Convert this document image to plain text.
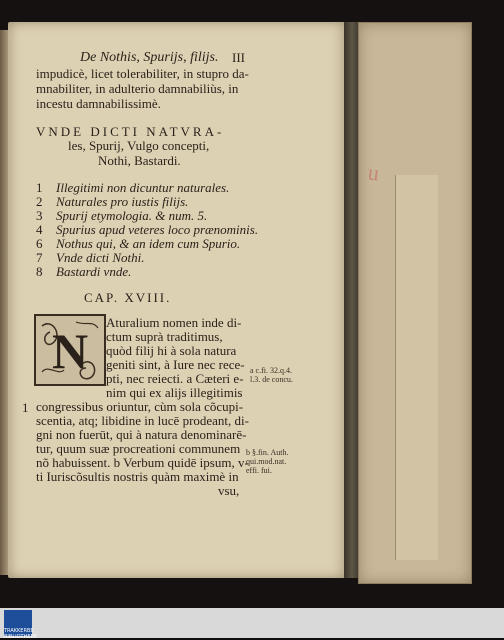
u
De Nothis, Spurijs, filijs. III
impudicè, licet tolerabiliter, in stupro da-
mnabiliter, in adulterio damnabiliùs, in
incestu damnabilissimè.
VNDE DICTI NATVRA-
les, Spurij, Vulgo concepti,
Nothi, Bastardi.
1 Illegitimi non dicuntur naturales.
2 Naturales pro iustis filijs.
3 Spurij etymologia. & num. 5.
4 Spurius apud veteres loco prænominis.
6 Nothus qui, & an idem cum Spurio.
7 Vnde dicti Nothi.
8 Bastardi vnde.
CAP. XVIII.
N
Aturalium nomen inde di-
ctum suprà traditimus,
quòd filij hi à sola natura
geniti sint, à Iure nec rece-
pti, nec reiecti. a Cæteri e-
nim qui ex alijs illegitimis
1 congressibus oriuntur, cùm sola cõcupi-
scentia, atq; libidine in lucē prodeant, di-
gni non fuerūt, qui à natura denominarē-
tur, quum suæ procreationi communem
nõ habuissent. b Verbum quidē ipsum, v-
ti Iuriscõsultis nostris quàm maximè in
vsu,
a c.fi. 32.q.4.
l.3. de concu.
b §.fin. Auth.
qui.mod.nat.
effi. fui.
TRAKKERBE BIBLIOTHEEK
